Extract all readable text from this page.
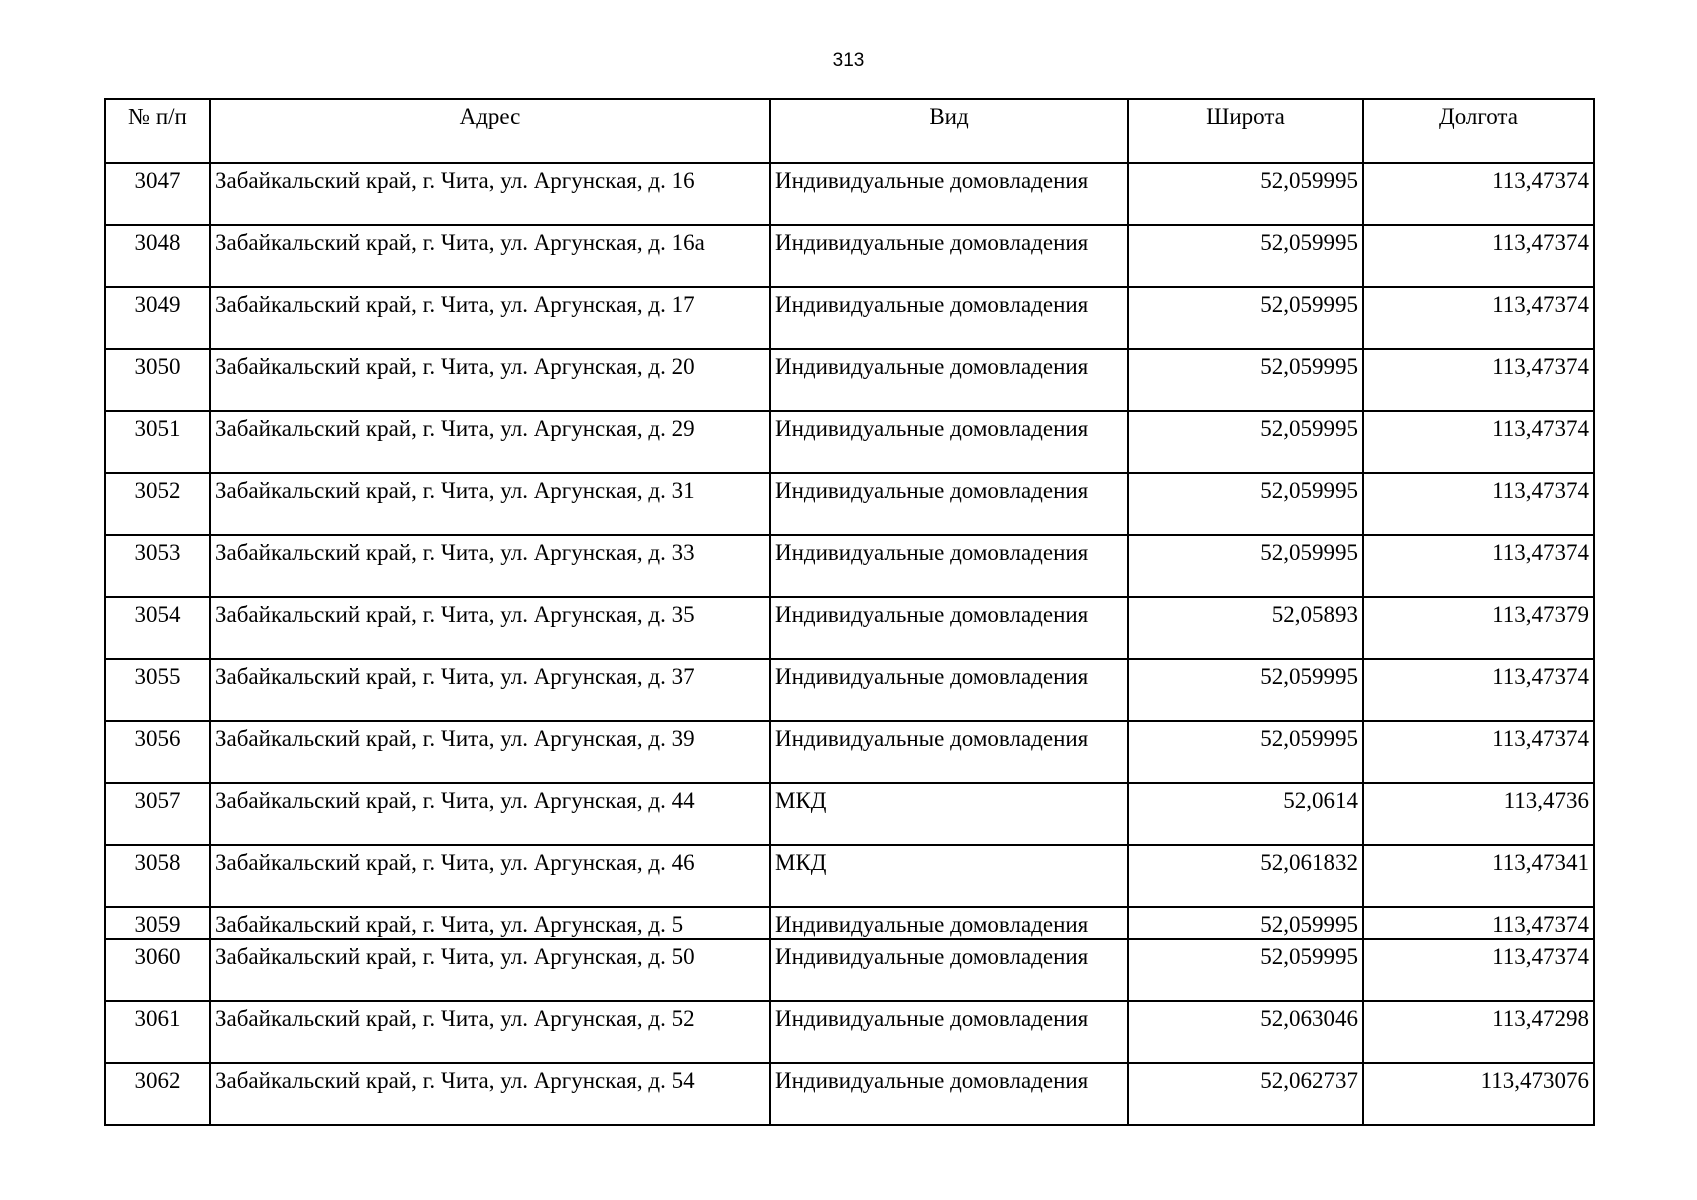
313
№ п/п	Адрес	Вид	Широта	Долгота
3047	Забайкальский край, г. Чита, ул. Аргунская, д. 16	Индивидуальные домовладения	52,059995	113,47374
3048	Забайкальский край, г. Чита, ул. Аргунская, д. 16а	Индивидуальные домовладения	52,059995	113,47374
3049	Забайкальский край, г. Чита, ул. Аргунская, д. 17	Индивидуальные домовладения	52,059995	113,47374
3050	Забайкальский край, г. Чита, ул. Аргунская, д. 20	Индивидуальные домовладения	52,059995	113,47374
3051	Забайкальский край, г. Чита, ул. Аргунская, д. 29	Индивидуальные домовладения	52,059995	113,47374
3052	Забайкальский край, г. Чита, ул. Аргунская, д. 31	Индивидуальные домовладения	52,059995	113,47374
3053	Забайкальский край, г. Чита, ул. Аргунская, д. 33	Индивидуальные домовладения	52,059995	113,47374
3054	Забайкальский край, г. Чита, ул. Аргунская, д. 35	Индивидуальные домовладения	52,05893	113,47379
3055	Забайкальский край, г. Чита, ул. Аргунская, д. 37	Индивидуальные домовладения	52,059995	113,47374
3056	Забайкальский край, г. Чита, ул. Аргунская, д. 39	Индивидуальные домовладения	52,059995	113,47374
3057	Забайкальский край, г. Чита, ул. Аргунская, д. 44	МКД	52,0614	113,4736
3058	Забайкальский край, г. Чита, ул. Аргунская, д. 46	МКД	52,061832	113,47341
3059	Забайкальский край, г. Чита, ул. Аргунская, д. 5	Индивидуальные домовладения	52,059995	113,47374
3060	Забайкальский край, г. Чита, ул. Аргунская, д. 50	Индивидуальные домовладения	52,059995	113,47374
3061	Забайкальский край, г. Чита, ул. Аргунская, д. 52	Индивидуальные домовладения	52,063046	113,47298
3062	Забайкальский край, г. Чита, ул. Аргунская, д. 54	Индивидуальные домовладения	52,062737	113,473076
